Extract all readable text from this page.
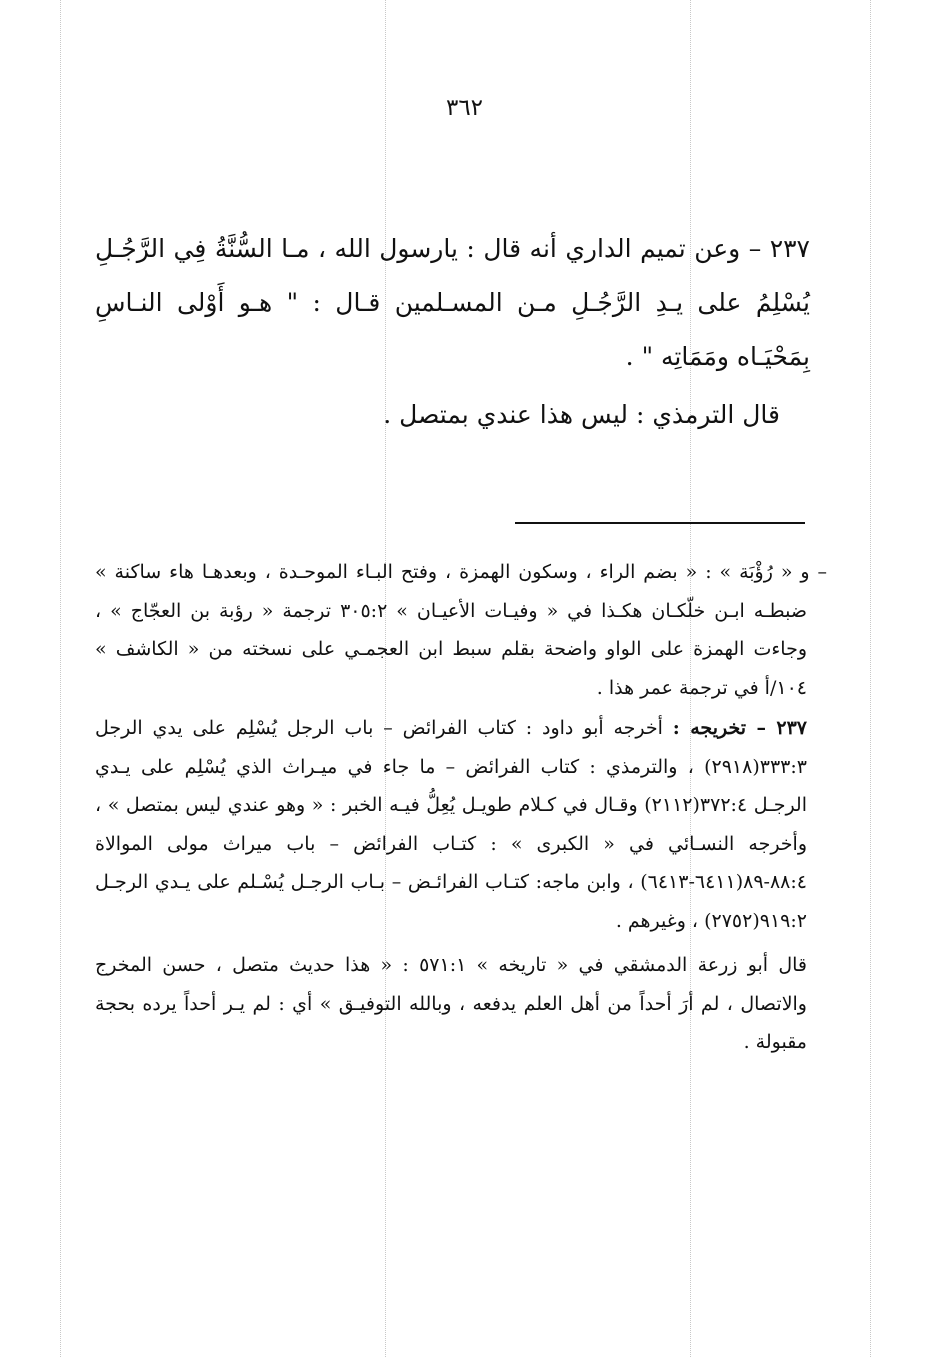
٣٦٢

٢٣٧ – وعن تميم الداري أنه قال : يارسول الله ، مـا السُّنَّةُ فِي الرَّجُـلِ يُسْلِمُ على يـدِ الرَّجُـلِ مـن المسـلمين قـال : " هـو أَوْلى النـاسِ بِمَحْيَـاه ومَمَاتِه " .

قال الترمذي : ليس هذا عندي بمتصل .

– و « رُؤْبَة » : « بضم الراء ، وسكون الهمزة ، وفتح البـاء الموحـدة ، وبعدهـا هاء ساكنة » ضبطـه ابـن خلّكـان هكـذا في « وفيـات الأعيـان » ٣٠٥:٢ ترجمة « رؤبة بن العجّاج » ، وجاءت الهمزة على الواو واضحة بقلم سبط ابن العجمـي على نسخته من « الكاشف » ١٠٤/أ في ترجمة عمر هذا .

٢٣٧ – تخريجه : أخرجه أبو داود : كتاب الفرائض – باب الرجل يُسْلِم على يدي الرجل ٣٣٣:٣(٢٩١٨) ، والترمذي : كتاب الفرائض – ما جاء في ميـراث الذي يُسْلِم على يـدي الرجـل ٣٧٢:٤(٢١١٢) وقـال في كـلام طويـل يُعِلُّ فيـه الخبر : « وهو عندي ليس بمتصل » ، وأخرجه النسـائي في « الكبرى » : كتـاب الفرائض – باب ميراث مولى الموالاة ٨٨:٤-٨٩(٦٤١١-٦٤١٣) ، وابن ماجه: كتـاب الفرائـض – بـاب الرجـل يُسْـلم على يـدي الرجـل ٩١٩:٢(٢٧٥٢) ، وغيرهم .

قال أبو زرعة الدمشقي في « تاريخه » ٥٧١:١ : « هذا حديث متصل ، حسن المخرج والاتصال ، لم أرَ أحداً من أهل العلم يدفعه ، وبالله التوفيـق » أي : لم يـر أحداً يرده بحجة مقبولة .
